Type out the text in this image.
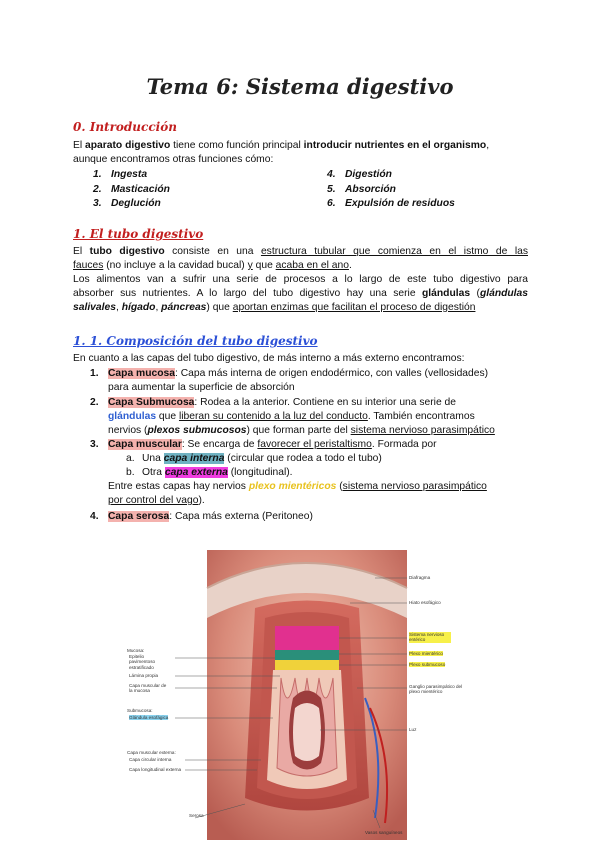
Tema 6: Sistema digestivo
0. Introducción
El aparato digestivo tiene como función principal introducir nutrientes en el organismo,
aunque encontramos otras funciones cómo:
1. Ingesta
2. Masticación
3. Deglución
4. Digestión
5. Absorción
6. Expulsión de residuos
1. El tubo digestivo
El tubo digestivo consiste en una estructura tubular que comienza en el istmo de las
fauces (no incluye a la cavidad bucal) y que acaba en el ano.
Los alimentos van a sufrir una serie de procesos a lo largo de este tubo digestivo para
absorber sus nutrientes. A lo largo del tubo digestivo hay una serie glándulas (glándulas
salivales, hígado, páncreas) que aportan enzimas que facilitan el proceso de digestión
1. 1. Composición del tubo digestivo
En cuanto a las capas del tubo digestivo, de más interno a más externo encontramos:
1. Capa mucosa: Capa más interna de origen endodérmico, con valles (vellosidades)
para aumentar la superficie de absorción
2. Capa Submucosa: Rodea a la anterior. Contiene en su interior una serie de
glándulas que liberan su contenido a la luz del conducto. También encontramos
nervios (plexos submucosos) que forman parte del sistema nervioso parasimpático
3. Capa muscular: Se encarga de favorecer el peristaltismo. Formada por
a. Una capa interna (circular que rodea a todo el tubo)
b. Otra capa externa (longitudinal).
Entre estas capas hay nervios plexo mientéricos (sistema nervioso parasimpático
por control del vago).
4. Capa serosa: Capa más externa (Peritoneo)
Diafragma
Hiato esofágico
Sistema nervioso entérico
Plexo mientérico
Plexo submucoso
Ganglio parasimpático del plexo mientérico
Luz
Mucosa:
Epitelio pavimentoso estratificado
Lámina propia
Capa muscular de la mucosa
Submucosa:
Glándula esofágica
Capa muscular externa:
Capa circular interna
Capa longitudinal externa
Serosa
Vasos sanguíneos
